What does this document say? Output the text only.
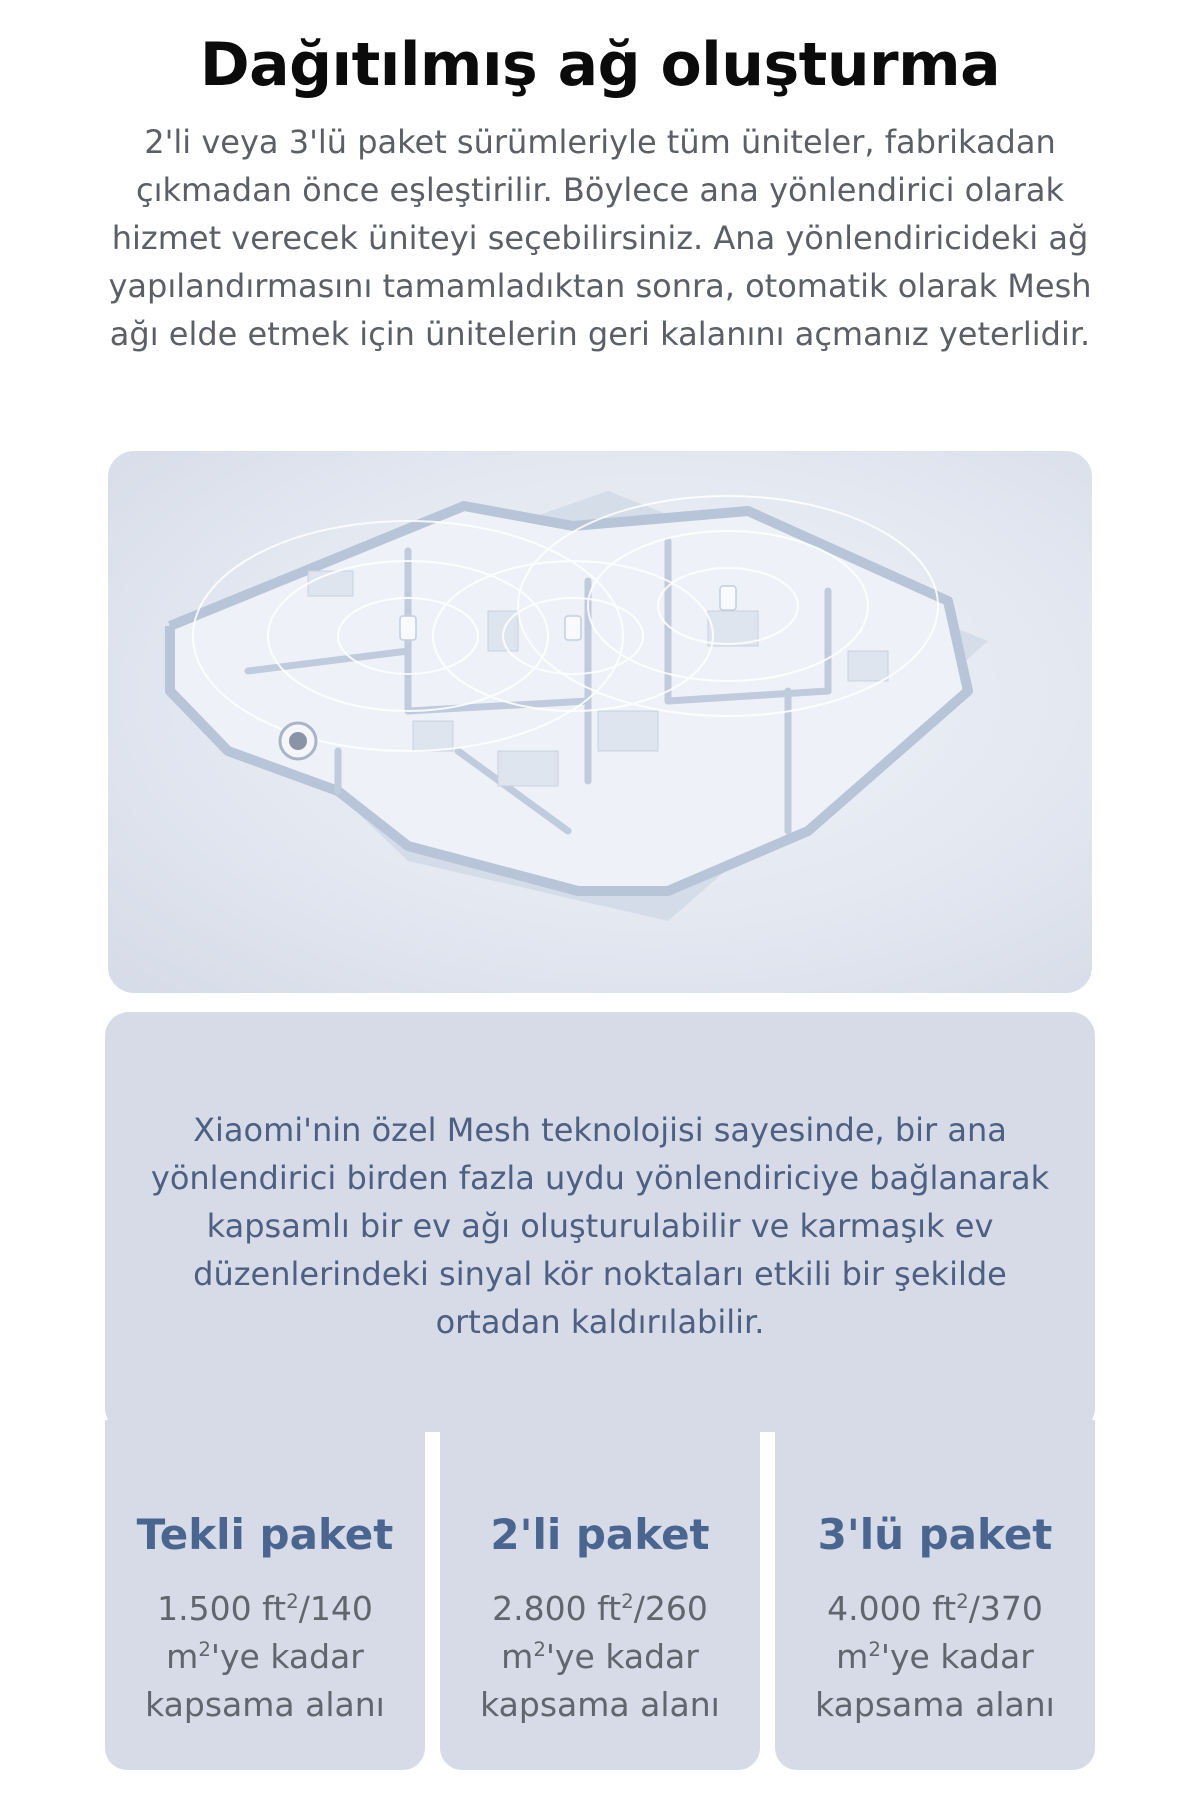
Dağıtılmış ağ oluşturma

2'li veya 3'lü paket sürümleriyle tüm üniteler, fabrikadan çıkmadan önce eşleştirilir. Böylece ana yönlendirici olarak hizmet verecek üniteyi seçebilirsiniz. Ana yönlendiricideki ağ yapılandırmasını tamamladıktan sonra, otomatik olarak Mesh ağı elde etmek için ünitelerin geri kalanını açmanız yeterlidir.

Xiaomi'nin özel Mesh teknolojisi sayesinde, bir ana yönlendirici birden fazla uydu yönlendiriciye bağlanarak kapsamlı bir ev ağı oluşturulabilir ve karmaşık ev düzenlerindeki sinyal kör noktaları etkili bir şekilde ortadan kaldırılabilir.

Tekli paket
1.500 $ft^2/140$ $m^2'ye$ kadar kapsama alanı
2'li paket
2.800 $ft^2/260$ $m^2'ye$ kadar kapsama alanı
3'lü paket
4.000 $ft^2/370$ $m^2'ye$ kadar kapsama alanı
